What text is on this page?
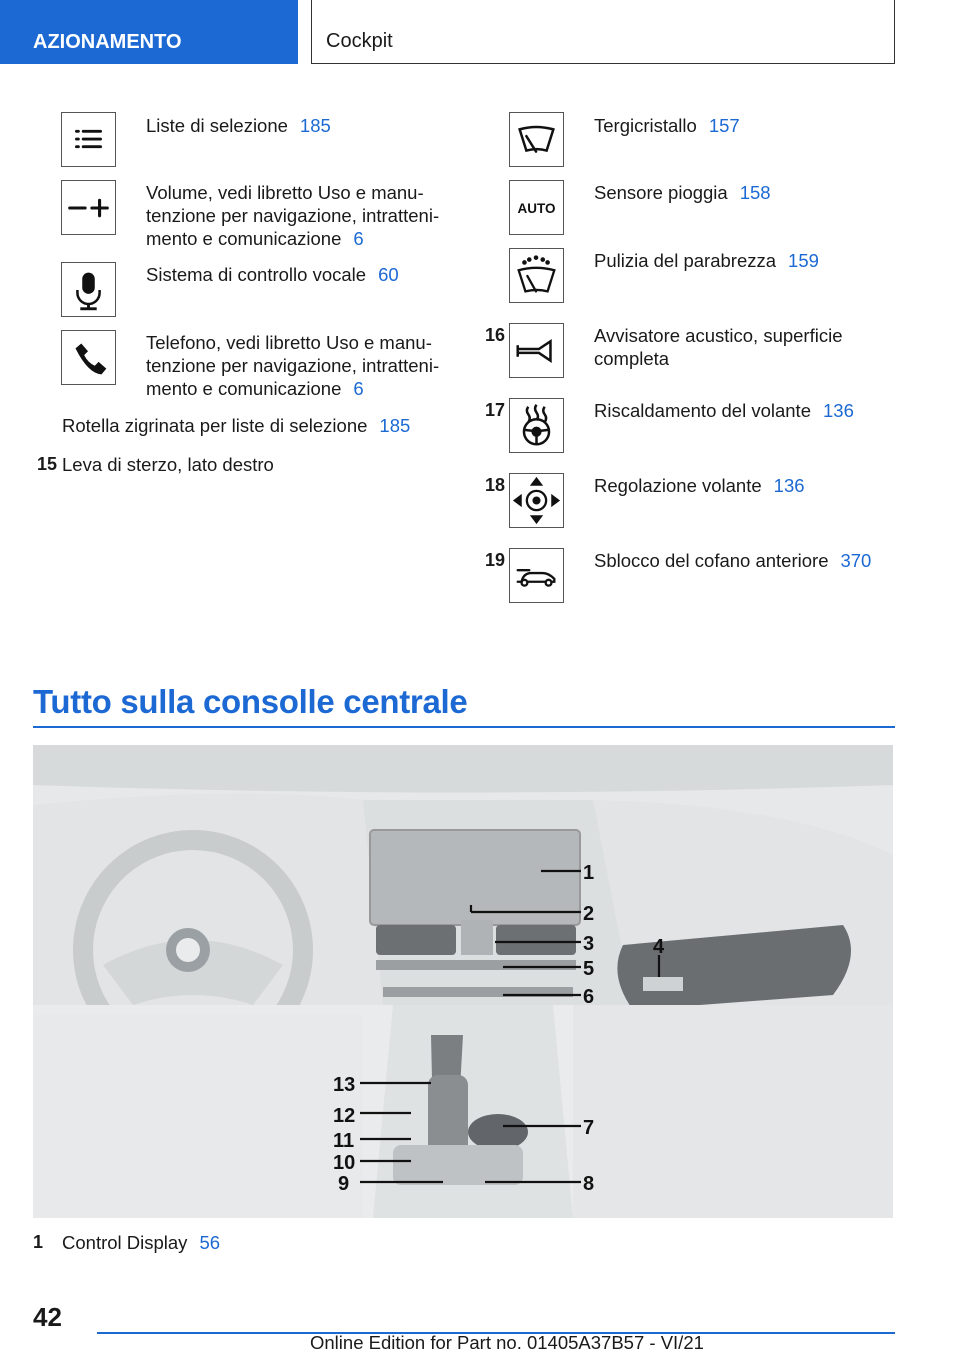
AZIONAMENTO	Cockpit
Liste di selezione 185
Volume, vedi libretto Uso e manu-
tenzione per navigazione, intratteni-
mento e comunicazione 6
Sistema di controllo vocale 60
Telefono, vedi libretto Uso e manu-
tenzione per navigazione, intratteni-
mento e comunicazione 6
Rotella zigrinata per liste di selezione 185
15 Leva di sterzo, lato destro
Tergicristallo 157
AUTO
Sensore pioggia 158
Pulizia del parabrezza 159
16	Avvisatore acustico, superficie
completa
17	Riscaldamento del volante 136
18	Regolazione volante 136
19	Sblocco del cofano anteriore 370
Tutto sulla consolle centrale
1
2
3	4
5
6
7
8
9
10
11
12
13
1 Control Display 56
42
Online Edition for Part no. 01405A37B57 - VI/21
